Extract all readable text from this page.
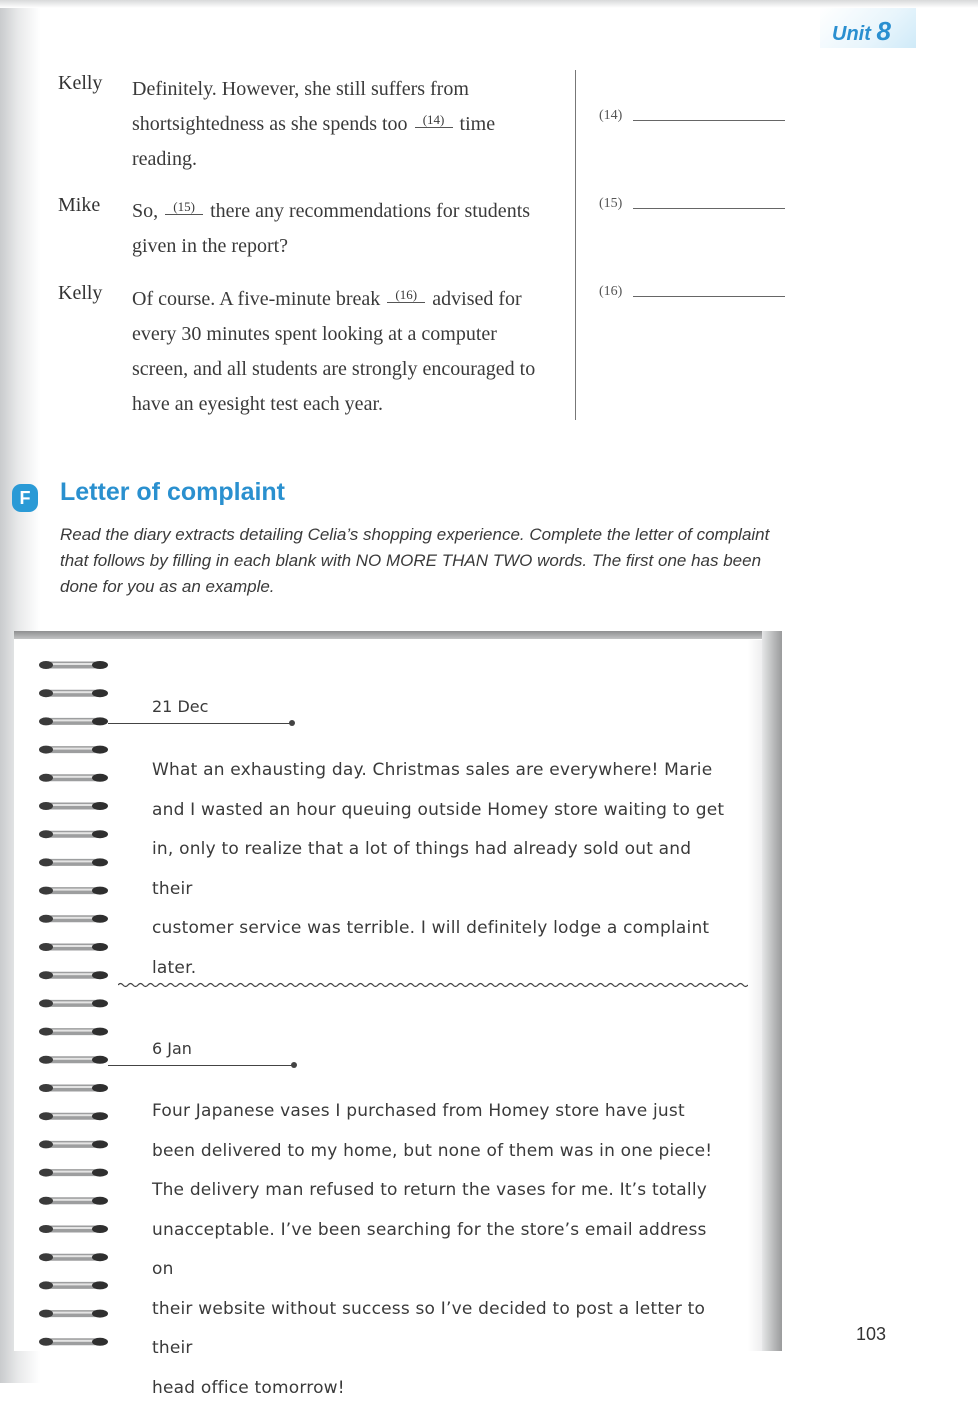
Unit 8
Kelly Definitely. However, she still suffers from shortsightedness as she spends too (14) time reading.
Mike So, (15) there any recommendations for students given in the report?
Kelly Of course. A five-minute break (16) advised for every 30 minutes spent looking at a computer screen, and all students are strongly encouraged to have an eyesight test each year.
(14)
(15)
(16)
F	Letter of complaint
Read the diary extracts detailing Celia’s shopping experience. Complete the letter of complaint that follows by filling in each blank with NO MORE THAN TWO words. The first one has been done for you as an example.
21 Dec
What an exhausting day. Christmas sales are everywhere! Marie
and I wasted an hour queuing outside Homey store waiting to get
in, only to realize that a lot of things had already sold out and their
customer service was terrible. I will definitely lodge a complaint
later.
6 Jan
Four Japanese vases I purchased from Homey store have just
been delivered to my home, but none of them was in one piece!
The delivery man refused to return the vases for me. It’s totally
unacceptable. I’ve been searching for the store’s email address on
their website without success so I’ve decided to post a letter to their
head office tomorrow!
103
